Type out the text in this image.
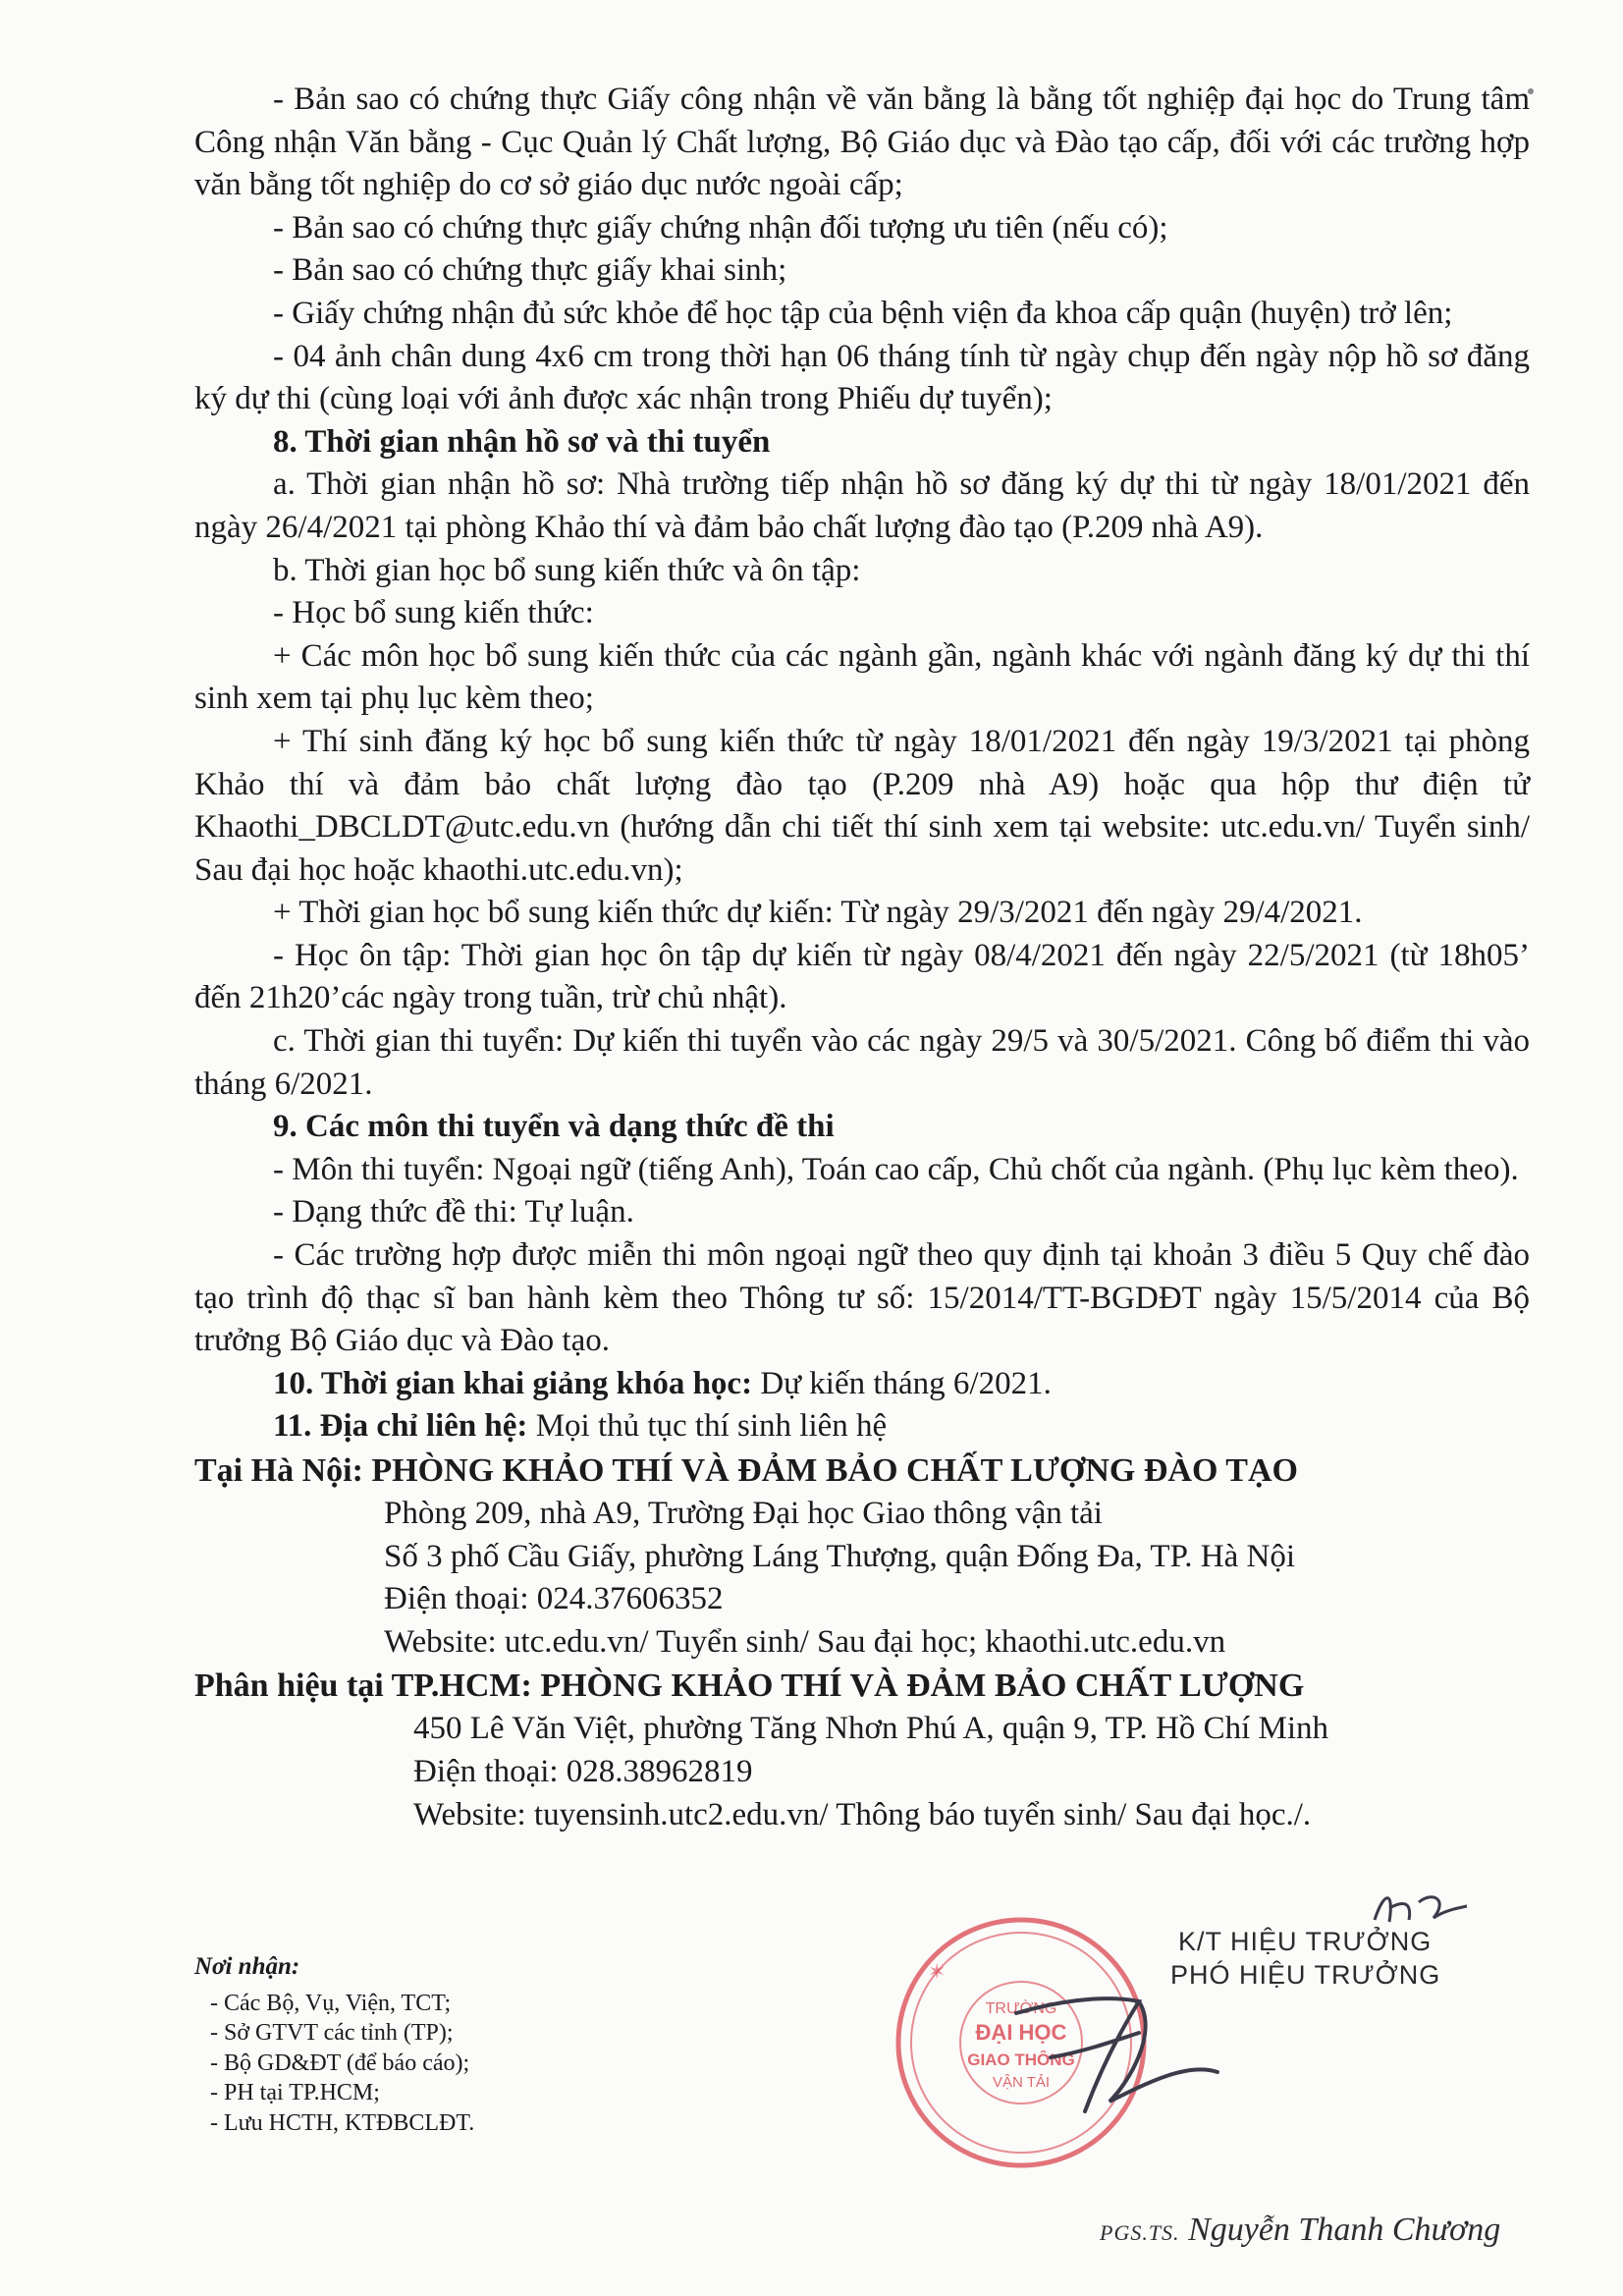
- Bản sao có chứng thực Giấy công nhận về văn bằng là bằng tốt nghiệp đại học do Trung tâm Công nhận Văn bằng - Cục Quản lý Chất lượng, Bộ Giáo dục và Đào tạo cấp, đối với các trường hợp văn bằng tốt nghiệp do cơ sở giáo dục nước ngoài cấp;

- Bản sao có chứng thực giấy chứng nhận đối tượng ưu tiên (nếu có);

- Bản sao có chứng thực giấy khai sinh;

- Giấy chứng nhận đủ sức khỏe để học tập của bệnh viện đa khoa cấp quận (huyện) trở lên;

- 04 ảnh chân dung 4x6 cm trong thời hạn 06 tháng tính từ ngày chụp đến ngày nộp hồ sơ đăng ký dự thi (cùng loại với ảnh được xác nhận trong Phiếu dự tuyển);

8. Thời gian nhận hồ sơ và thi tuyển

a. Thời gian nhận hồ sơ: Nhà trường tiếp nhận hồ sơ đăng ký dự thi từ ngày 18/01/2021 đến ngày 26/4/2021 tại phòng Khảo thí và đảm bảo chất lượng đào tạo (P.209 nhà A9).

b. Thời gian học bổ sung kiến thức và ôn tập:

- Học bổ sung kiến thức:

+ Các môn học bổ sung kiến thức của các ngành gần, ngành khác với ngành đăng ký dự thi thí sinh xem tại phụ lục kèm theo;

+ Thí sinh đăng ký học bổ sung kiến thức từ ngày 18/01/2021 đến ngày 19/3/2021 tại phòng Khảo thí và đảm bảo chất lượng đào tạo (P.209 nhà A9) hoặc qua hộp thư điện tử Khaothi_DBCLDT@utc.edu.vn (hướng dẫn chi tiết thí sinh xem tại website: utc.edu.vn/ Tuyển sinh/ Sau đại học hoặc khaothi.utc.edu.vn);

+ Thời gian học bổ sung kiến thức dự kiến: Từ ngày 29/3/2021 đến ngày 29/4/2021.

- Học ôn tập: Thời gian học ôn tập dự kiến từ ngày 08/4/2021 đến ngày 22/5/2021 (từ 18h05’ đến 21h20’các ngày trong tuần, trừ chủ nhật).

c. Thời gian thi tuyển: Dự kiến thi tuyển vào các ngày 29/5 và 30/5/2021. Công bố điểm thi vào tháng 6/2021.

9. Các môn thi tuyển và dạng thức đề thi

- Môn thi tuyển: Ngoại ngữ (tiếng Anh), Toán cao cấp, Chủ chốt của ngành. (Phụ lục kèm theo).

- Dạng thức đề thi: Tự luận.

- Các trường hợp được miễn thi môn ngoại ngữ theo quy định tại khoản 3 điều 5 Quy chế đào tạo trình độ thạc sĩ ban hành kèm theo Thông tư số: 15/2014/TT-BGDĐT ngày 15/5/2014 của Bộ trưởng Bộ Giáo dục và Đào tạo.

10. Thời gian khai giảng khóa học: Dự kiến tháng 6/2021.

11. Địa chỉ liên hệ: Mọi thủ tục thí sinh liên hệ

Tại Hà Nội: PHÒNG KHẢO THÍ VÀ ĐẢM BẢO CHẤT LƯỢNG ĐÀO TẠO

Phòng 209, nhà A9, Trường Đại học Giao thông vận tải

Số 3 phố Cầu Giấy, phường Láng Thượng, quận Đống Đa, TP. Hà Nội

Điện thoại: 024.37606352

Website: utc.edu.vn/ Tuyển sinh/ Sau đại học; khaothi.utc.edu.vn

Phân hiệu tại TP.HCM: PHÒNG KHẢO THÍ VÀ ĐẢM BẢO CHẤT LƯỢNG

450 Lê Văn Việt, phường Tăng Nhơn Phú A, quận 9, TP. Hồ Chí Minh

Điện thoại: 028.38962819

Website: tuyensinh.utc2.edu.vn/ Thông báo tuyển sinh/ Sau đại học./.

Nơi nhận:

- Các Bộ, Vụ, Viện, TCT;

- Sở GTVT các tỉnh (TP);

- Bộ GD&ĐT (để báo cáo);

- PH tại TP.HCM;

- Lưu HCTH, KTĐBCLĐT.

TRƯỜNG
ĐẠI HỌC
GIAO THÔNG
VẬN TẢI
✶

K/T HIỆU TRƯỞNG

PHÓ HIỆU TRƯỞNG

PGS.TS. Nguyễn Thanh Chương
